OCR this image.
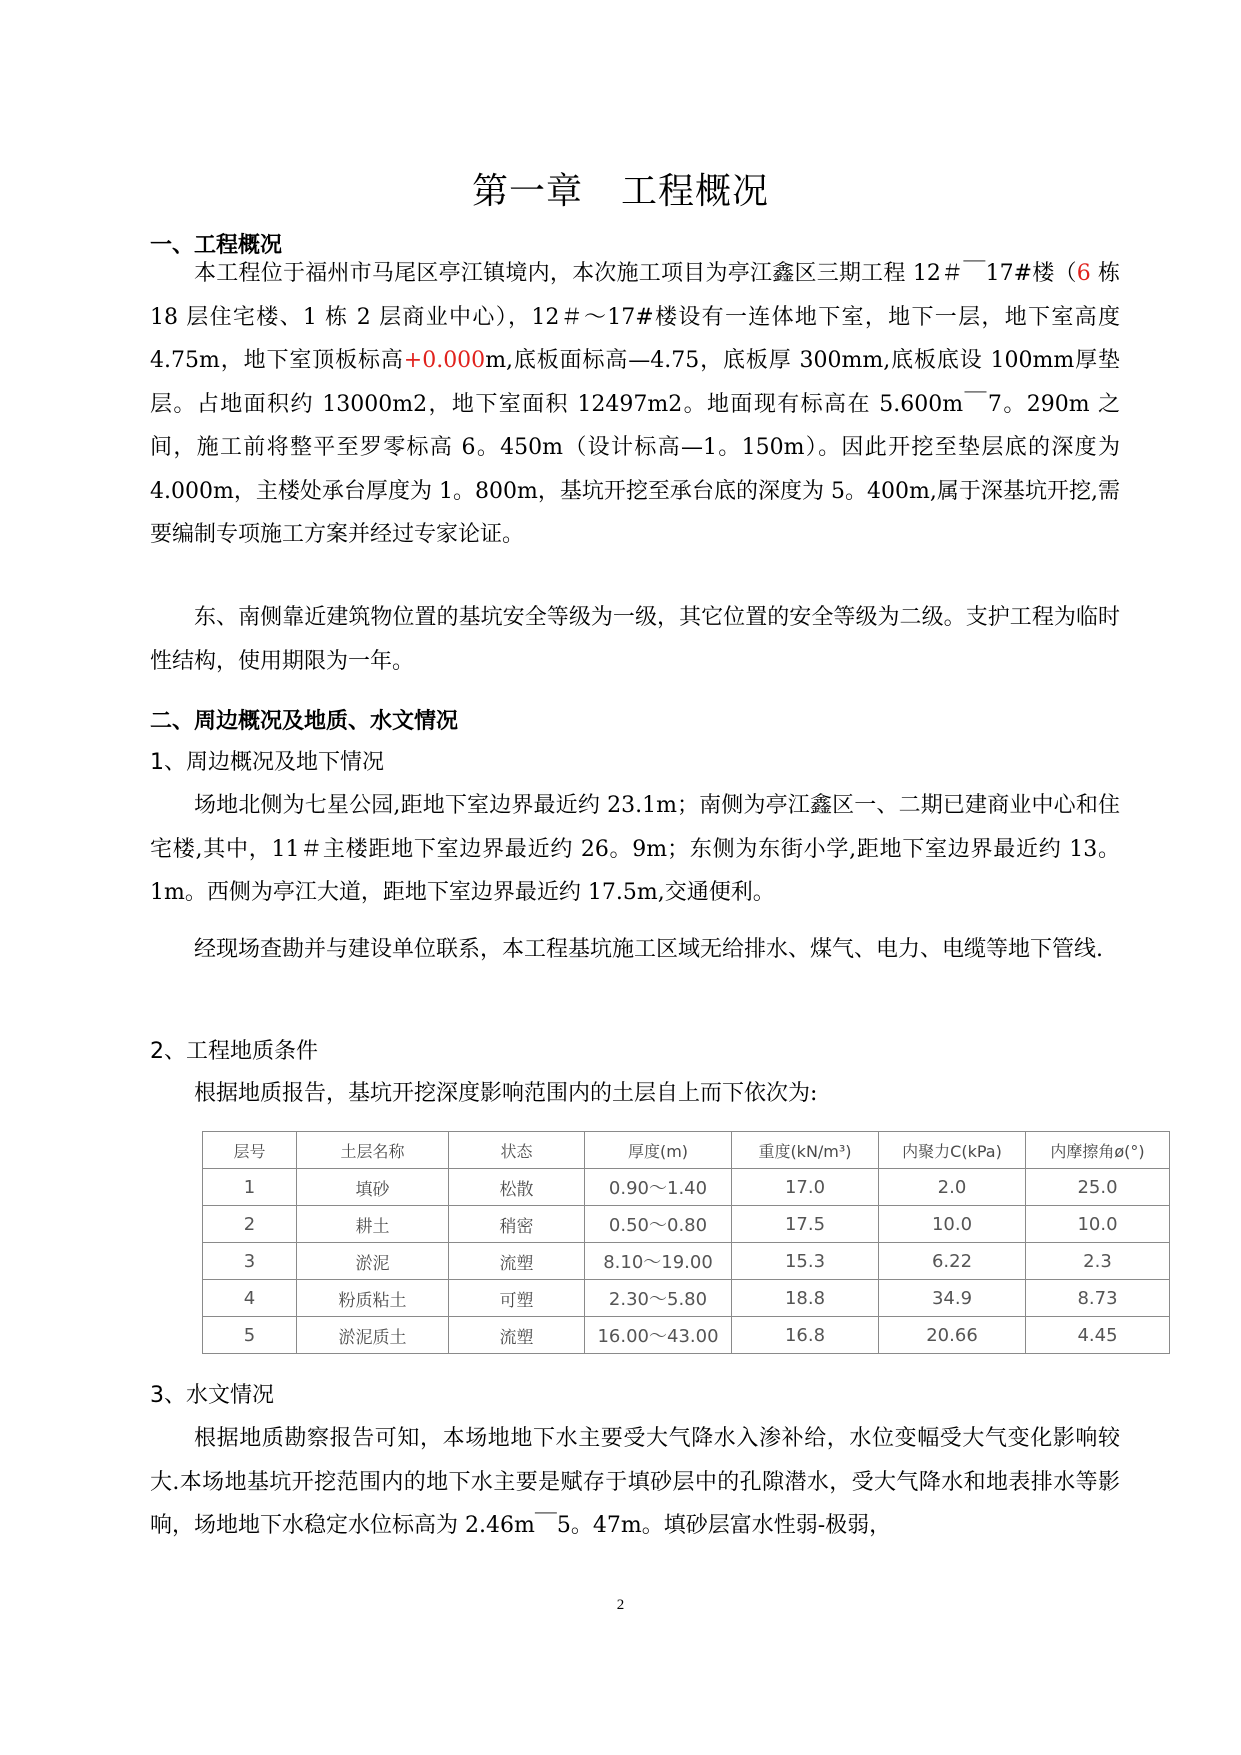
第一章 工程概况
一、工程概况
本工程位于福州市马尾区亭江镇境内，本次施工项目为亭江鑫区三期工程 12＃￣17#楼（6 栋 18 层住宅楼、1 栋 2 层商业中心），12＃～17#楼设有一连体地下室，地下一层，地下室高度 4.75m，地下室顶板标高+0.000m,底板面标高—4.75，底板厚 300mm,底板底设 100mm厚垫层。占地面积约 13000m2，地下室面积 12497m2。地面现有标高在 5.600m￣7。290m 之间，施工前将整平至罗零标高 6。450m（设计标高—1。150m）。因此开挖至垫层底的深度为 4.000m，主楼处承台厚度为 1。800m，基坑开挖至承台底的深度为 5。400m,属于深基坑开挖,需要编制专项施工方案并经过专家论证。
东、南侧靠近建筑物位置的基坑安全等级为一级，其它位置的安全等级为二级。支护工程为临时性结构，使用期限为一年。
二、周边概况及地质、水文情况
1、周边概况及地下情况
场地北侧为七星公园,距地下室边界最近约 23.1m；南侧为亭江鑫区一、二期已建商业中心和住宅楼,其中，11＃主楼距地下室边界最近约 26。9m；东侧为东街小学,距地下室边界最近约 13。1m。西侧为亭江大道，距地下室边界最近约 17.5m,交通便利。
经现场查勘并与建设单位联系，本工程基坑施工区域无给排水、煤气、电力、电缆等地下管线.
2、工程地质条件
根据地质报告，基坑开挖深度影响范围内的土层自上而下依次为:
层号	土层名称	状态	厚度(m)	重度(kN/m³)	内聚力C(kPa)	内摩擦角ø(°)
1	填砂	松散	0.90～1.40	17.0	2.0	25.0
2	耕土	稍密	0.50～0.80	17.5	10.0	10.0
3	淤泥	流塑	8.10～19.00	15.3	6.22	2.3
4	粉质粘土	可塑	2.30～5.80	18.8	34.9	8.73
5	淤泥质土	流塑	16.00～43.00	16.8	20.66	4.45
3、水文情况
根据地质勘察报告可知，本场地地下水主要受大气降水入渗补给，水位变幅受大气变化影响较大.本场地基坑开挖范围内的地下水主要是赋存于填砂层中的孔隙潜水，受大气降水和地表排水等影响，场地地下水稳定水位标高为 2.46m￣5。47m。填砂层富水性弱-极弱，
2
